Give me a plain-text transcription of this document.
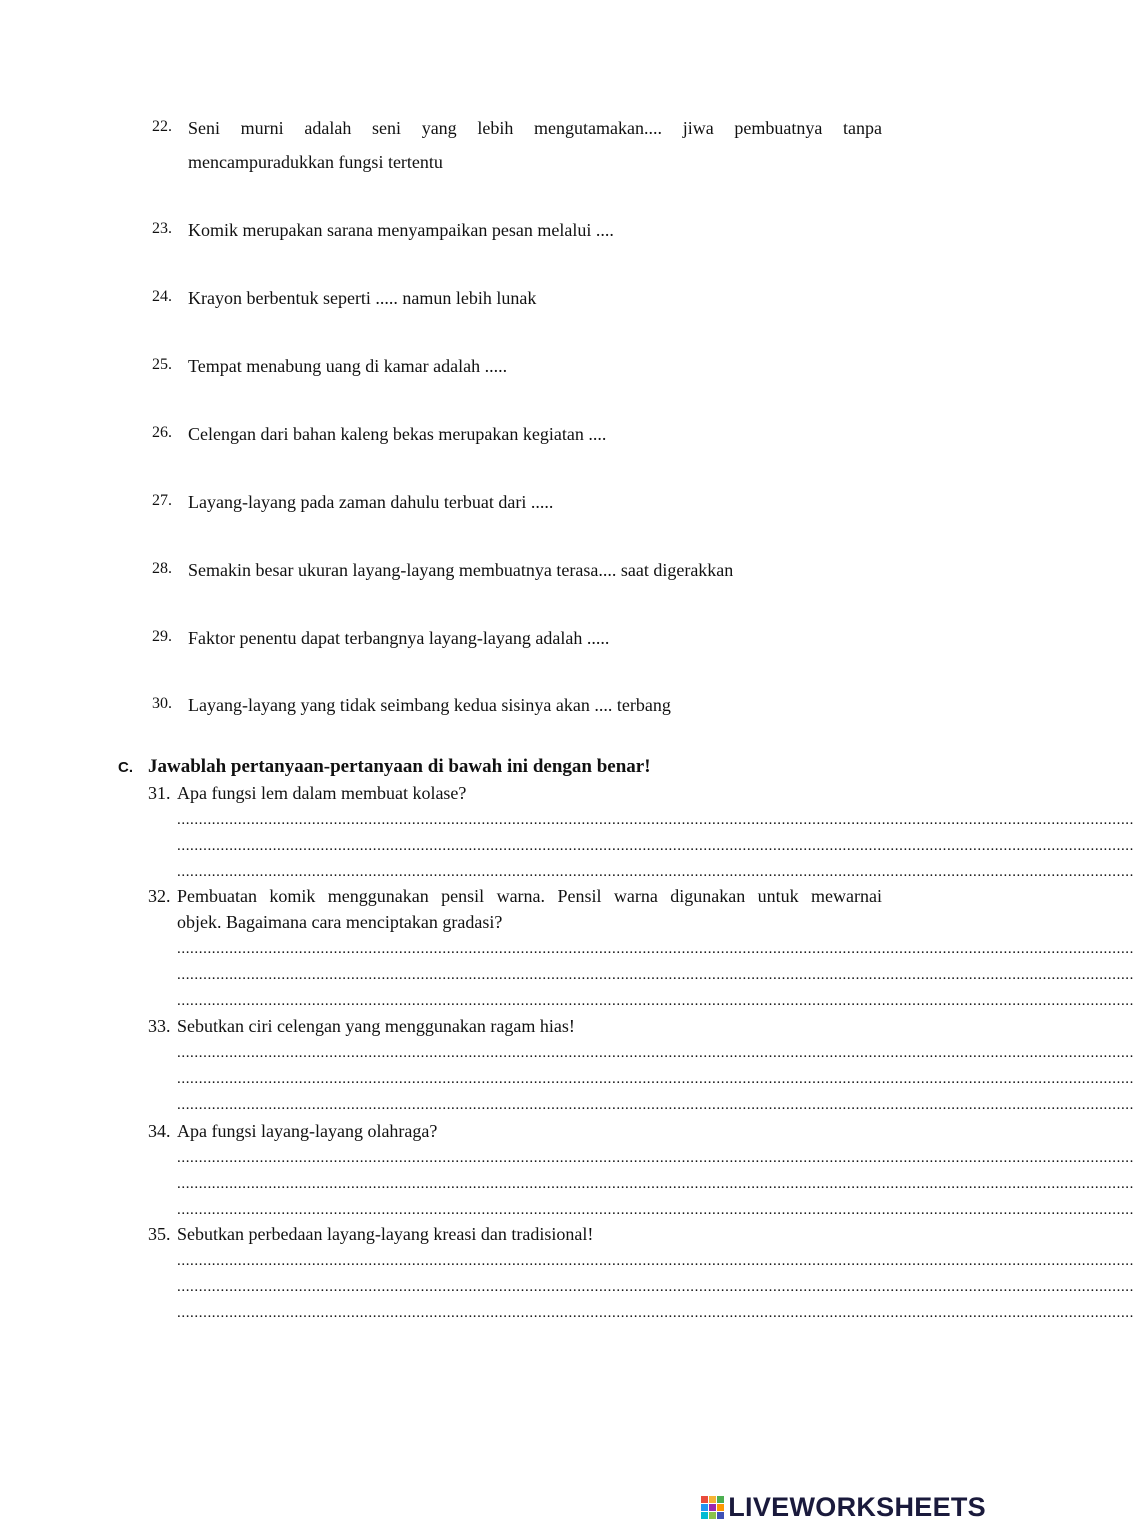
22. Seni murni adalah seni yang lebih mengutamakan.... jiwa pembuatnya tanpa
mencampuradukkan fungsi tertentu
23. Komik merupakan sarana menyampaikan pesan melalui ....
24. Krayon berbentuk seperti ..... namun lebih lunak
25. Tempat menabung uang di kamar adalah .....
26. Celengan dari bahan kaleng bekas merupakan kegiatan ....
27. Layang-layang pada zaman dahulu terbuat dari .....
28. Semakin besar ukuran layang-layang membuatnya terasa.... saat digerakkan
29. Faktor penentu dapat terbangnya layang-layang adalah .....
30. Layang-layang yang tidak seimbang kedua sisinya akan .... terbang
C. Jawablah pertanyaan-pertanyaan di bawah ini dengan benar!
31. Apa fungsi lem dalam membuat kolase?
............................................................................................................................................................................................................................
............................................................................................................................................................................................................................
............................................................................................................................................................................................................................
32. Pembuatan komik menggunakan pensil warna. Pensil warna digunakan untuk mewarnai
objek. Bagaimana cara menciptakan gradasi?
............................................................................................................................................................................................................................
............................................................................................................................................................................................................................
............................................................................................................................................................................................................................
33. Sebutkan ciri celengan yang menggunakan ragam hias!
............................................................................................................................................................................................................................
............................................................................................................................................................................................................................
............................................................................................................................................................................................................................
34. Apa fungsi layang-layang olahraga?
............................................................................................................................................................................................................................
............................................................................................................................................................................................................................
............................................................................................................................................................................................................................
35. Sebutkan perbedaan layang-layang kreasi dan tradisional!
............................................................................................................................................................................................................................
............................................................................................................................................................................................................................
............................................................................................................................................................................................................................
LIVEWORKSHEETS
